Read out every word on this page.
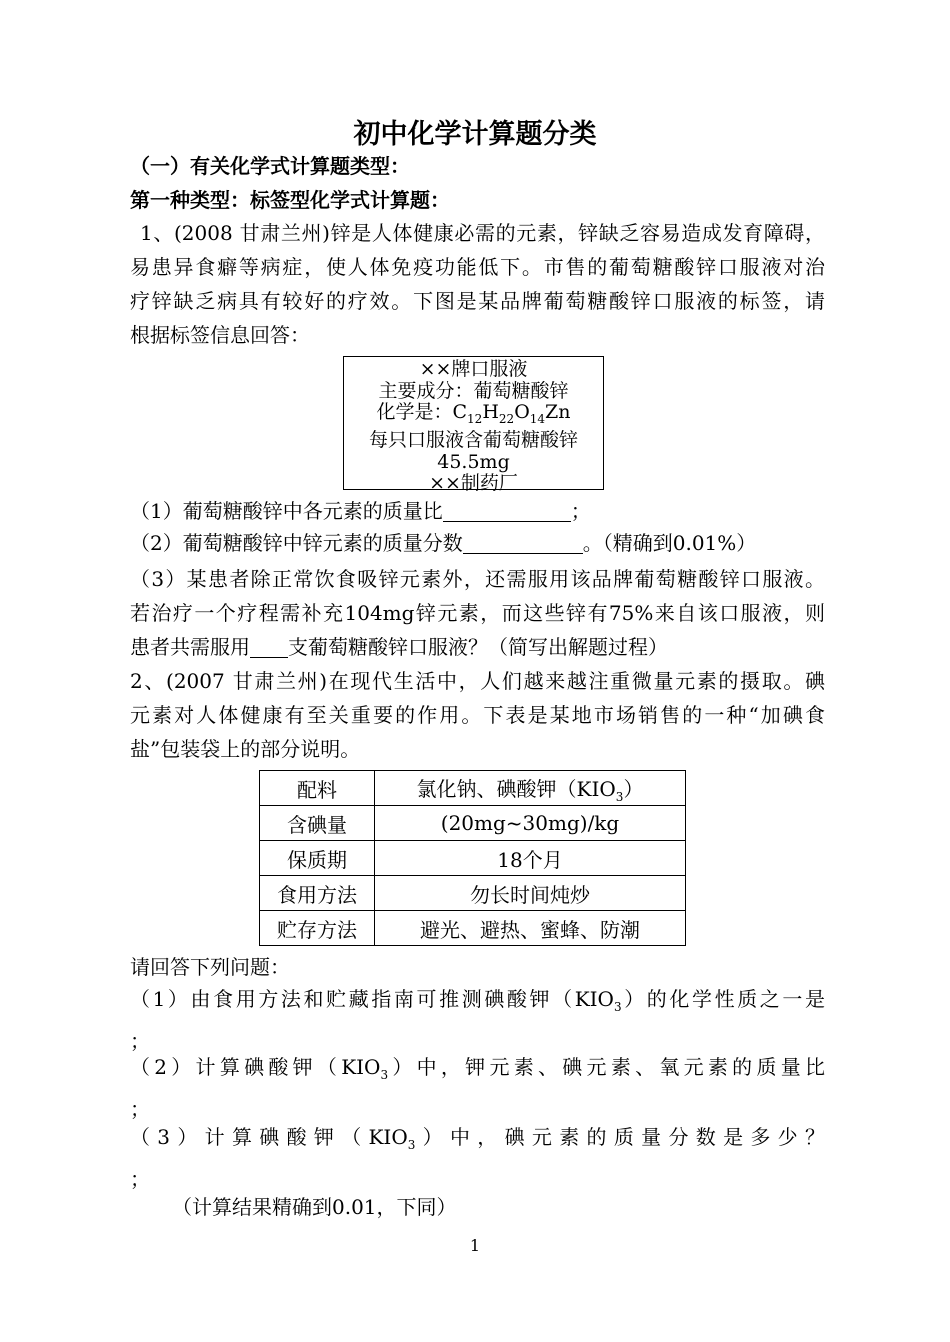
初中化学计算题分类
（一）有关化学式计算题类型：
第一种类型：标签型化学式计算题：
1、(2008 甘肃兰州)锌是人体健康必需的元素，锌缺乏容易造成发育障碍，
易患异食癖等病症，使人体免疫功能低下。市售的葡萄糖酸锌口服液对治
疗锌缺乏病具有较好的疗效。下图是某品牌葡萄糖酸锌口服液的标签，请
根据标签信息回答：
××牌口服液
主要成分：葡萄糖酸锌
化学是：$C_{12}H_{22}O_{14}Zn$
每只口服液含葡萄糖酸锌
45.5mg
××制药厂
（1）葡萄糖酸锌中各元素的质量比	；
（2）葡萄糖酸锌中锌元素的质量分数	。（精确到0.01%）
（3）某患者除正常饮食吸锌元素外，还需服用该品牌葡萄糖酸锌口服液。
若治疗一个疗程需补充104mg锌元素，而这些锌有75%来自该口服液，则
患者共需服用 支葡萄糖酸锌口服液？（简写出解题过程）
2、(2007 甘肃兰州)在现代生活中，人们越来越注重微量元素的摄取。碘
元素对人体健康有至关重要的作用。下表是某地市场销售的一种“加碘食
盐”包装袋上的部分说明。
配料	氯化钠、碘酸钾$(KIO_3)$
含碘量	(20mg~30mg)/kg
保质期	18个月
食用方法	勿长时间炖炒
贮存方法	避光、避热、蜜蜂、防潮
请回答下列问题：
（1）由食用方法和贮藏指南可推测碘酸钾$(KIO_3)$的化学性质之一是
；
（2）计算碘酸钾$(KIO_3)$中，钾元素、碘元素、氧元素的质量比
；
（3）计算碘酸钾$(KIO_3)$中，碘元素的质量分数是多少？
；
（计算结果精确到0.01，下同）
1
